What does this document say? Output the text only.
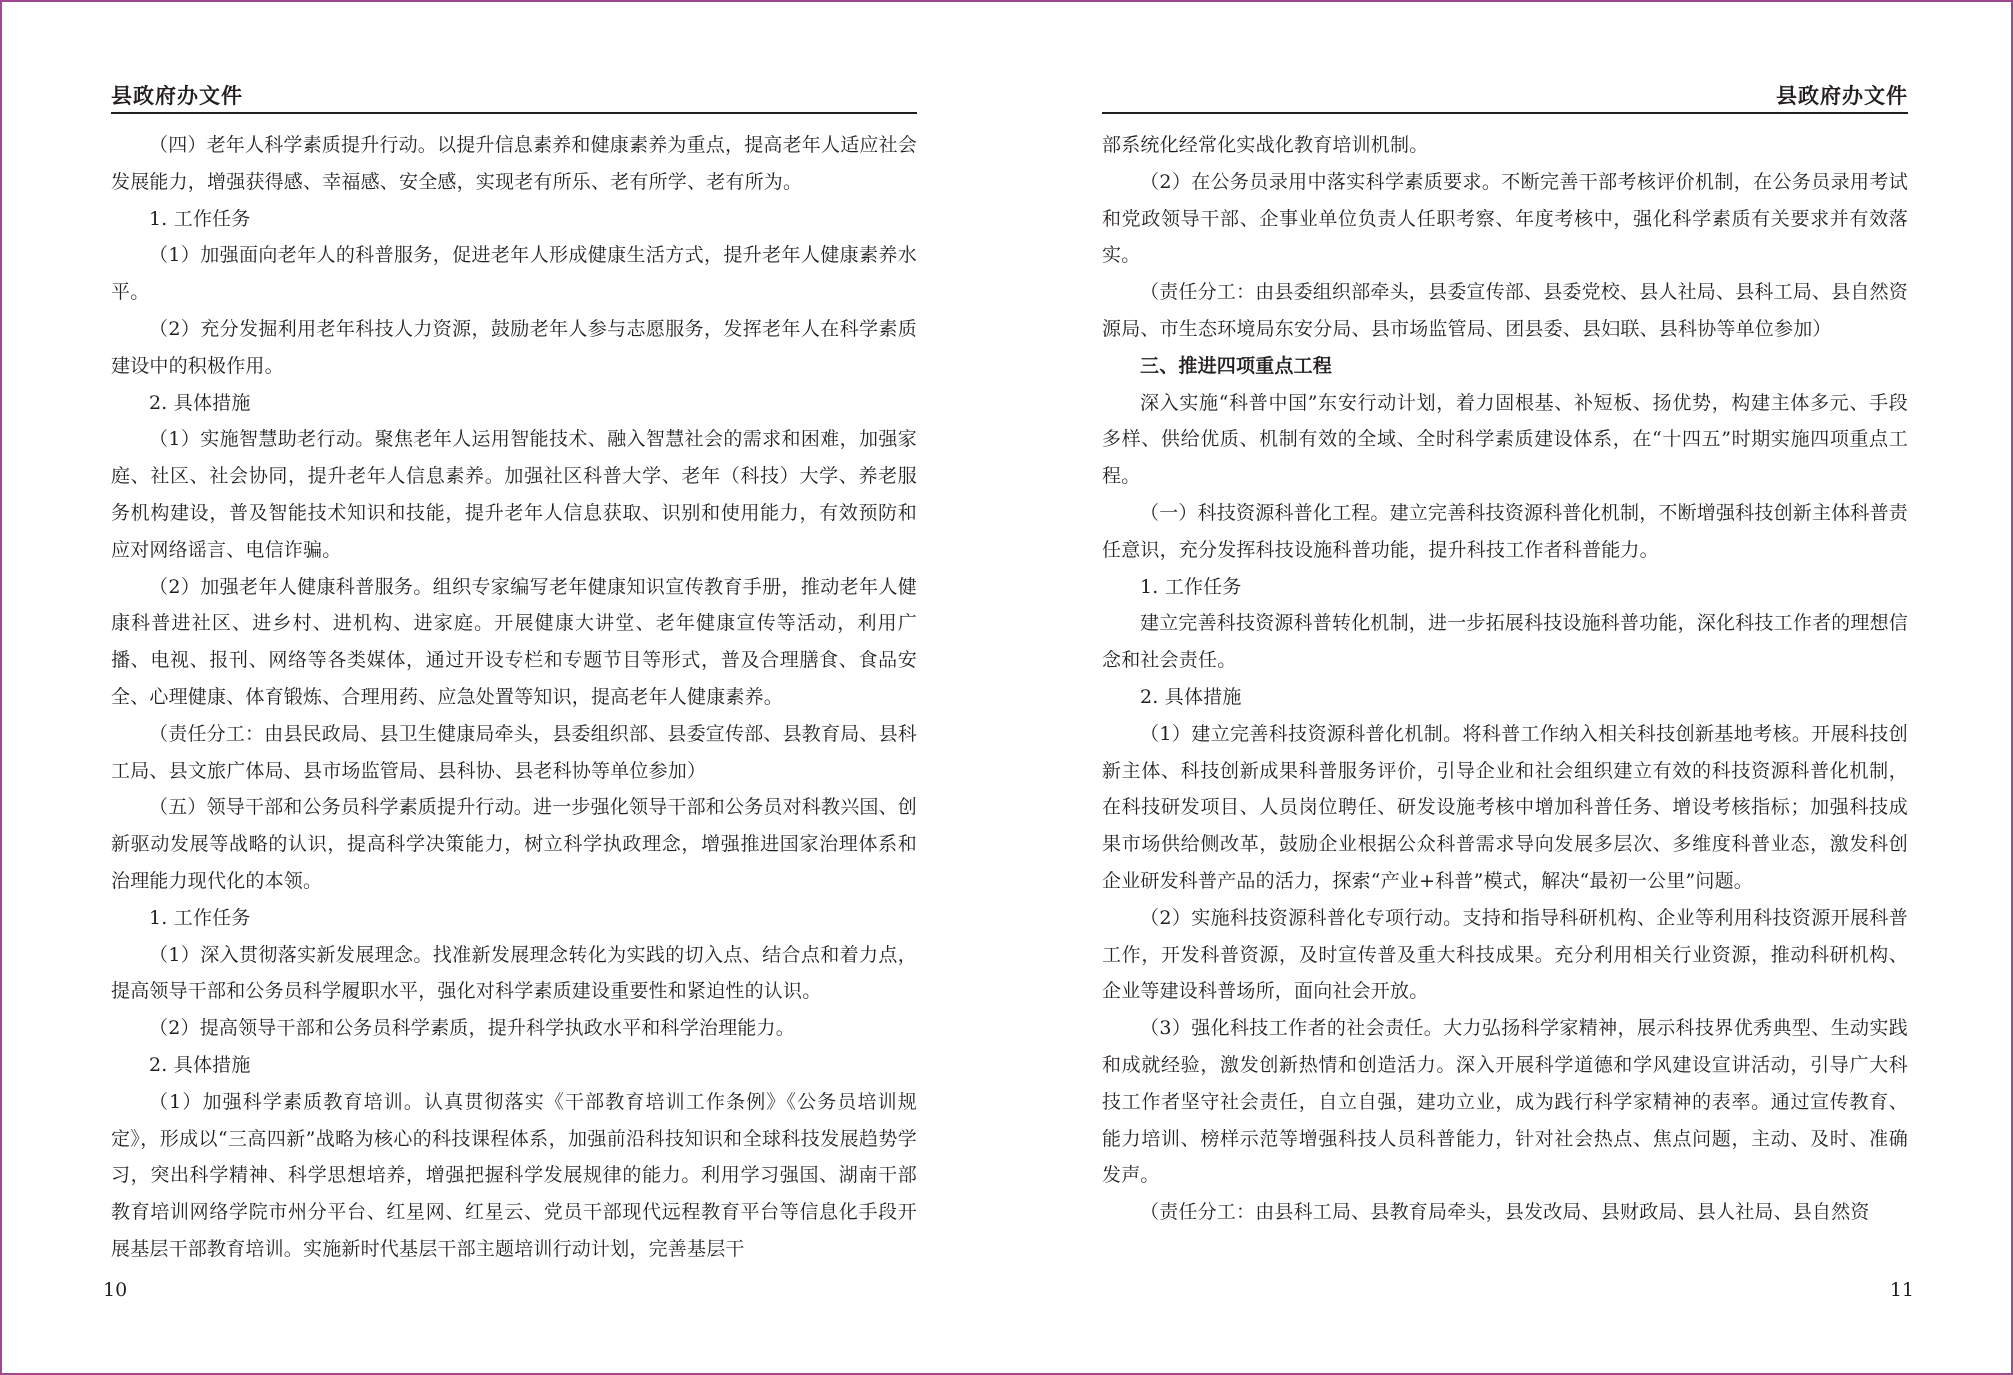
县政府办文件

（四）老年人科学素质提升行动。以提升信息素养和健康素养为重点，提高老年人适应社会发展能力，增强获得感、幸福感、安全感，实现老有所乐、老有所学、老有所为。

1. 工作任务

（1）加强面向老年人的科普服务，促进老年人形成健康生活方式，提升老年人健康素养水平。

（2）充分发掘利用老年科技人力资源，鼓励老年人参与志愿服务，发挥老年人在科学素质建设中的积极作用。

2. 具体措施

（1）实施智慧助老行动。聚焦老年人运用智能技术、融入智慧社会的需求和困难，加强家庭、社区、社会协同，提升老年人信息素养。加强社区科普大学、老年（科技）大学、养老服务机构建设，普及智能技术知识和技能，提升老年人信息获取、识别和使用能力，有效预防和应对网络谣言、电信诈骗。

（2）加强老年人健康科普服务。组织专家编写老年健康知识宣传教育手册，推动老年人健康科普进社区、进乡村、进机构、进家庭。开展健康大讲堂、老年健康宣传等活动，利用广播、电视、报刊、网络等各类媒体，通过开设专栏和专题节目等形式，普及合理膳食、食品安全、心理健康、体育锻炼、合理用药、应急处置等知识，提高老年人健康素养。

（责任分工：由县民政局、县卫生健康局牵头，县委组织部、县委宣传部、县教育局、县科工局、县文旅广体局、县市场监管局、县科协、县老科协等单位参加）

（五）领导干部和公务员科学素质提升行动。进一步强化领导干部和公务员对科教兴国、创新驱动发展等战略的认识，提高科学决策能力，树立科学执政理念，增强推进国家治理体系和治理能力现代化的本领。

1. 工作任务

（1）深入贯彻落实新发展理念。找准新发展理念转化为实践的切入点、结合点和着力点，提高领导干部和公务员科学履职水平，强化对科学素质建设重要性和紧迫性的认识。

（2）提高领导干部和公务员科学素质，提升科学执政水平和科学治理能力。

2. 具体措施

（1）加强科学素质教育培训。认真贯彻落实《干部教育培训工作条例》《公务员培训规定》，形成以“三高四新”战略为核心的科技课程体系，加强前沿科技知识和全球科技发展趋势学习，突出科学精神、科学思想培养，增强把握科学发展规律的能力。利用学习强国、湖南干部教育培训网络学院市州分平台、红星网、红星云、党员干部现代远程教育平台等信息化手段开展基层干部教育培训。实施新时代基层干部主题培训行动计划，完善基层干

10
县政府办文件

部系统化经常化实战化教育培训机制。

（2）在公务员录用中落实科学素质要求。不断完善干部考核评价机制，在公务员录用考试和党政领导干部、企事业单位负责人任职考察、年度考核中，强化科学素质有关要求并有效落实。

（责任分工：由县委组织部牵头，县委宣传部、县委党校、县人社局、县科工局、县自然资源局、市生态环境局东安分局、县市场监管局、团县委、县妇联、县科协等单位参加）

三、推进四项重点工程

深入实施“科普中国”东安行动计划，着力固根基、补短板、扬优势，构建主体多元、手段多样、供给优质、机制有效的全域、全时科学素质建设体系，在“十四五”时期实施四项重点工程。

（一）科技资源科普化工程。建立完善科技资源科普化机制，不断增强科技创新主体科普责任意识，充分发挥科技设施科普功能，提升科技工作者科普能力。

1. 工作任务

建立完善科技资源科普转化机制，进一步拓展科技设施科普功能，深化科技工作者的理想信念和社会责任。

2. 具体措施

（1）建立完善科技资源科普化机制。将科普工作纳入相关科技创新基地考核。开展科技创新主体、科技创新成果科普服务评价，引导企业和社会组织建立有效的科技资源科普化机制，在科技研发项目、人员岗位聘任、研发设施考核中增加科普任务、增设考核指标；加强科技成果市场供给侧改革，鼓励企业根据公众科普需求导向发展多层次、多维度科普业态，激发科创企业研发科普产品的活力，探索“产业+科普”模式，解决“最初一公里”问题。

（2）实施科技资源科普化专项行动。支持和指导科研机构、企业等利用科技资源开展科普工作，开发科普资源，及时宣传普及重大科技成果。充分利用相关行业资源，推动科研机构、企业等建设科普场所，面向社会开放。

（3）强化科技工作者的社会责任。大力弘扬科学家精神，展示科技界优秀典型、生动实践和成就经验，激发创新热情和创造活力。深入开展科学道德和学风建设宣讲活动，引导广大科技工作者坚守社会责任，自立自强，建功立业，成为践行科学家精神的表率。通过宣传教育、能力培训、榜样示范等增强科技人员科普能力，针对社会热点、焦点问题，主动、及时、准确发声。

（责任分工：由县科工局、县教育局牵头，县发改局、县财政局、县人社局、县自然资

11
